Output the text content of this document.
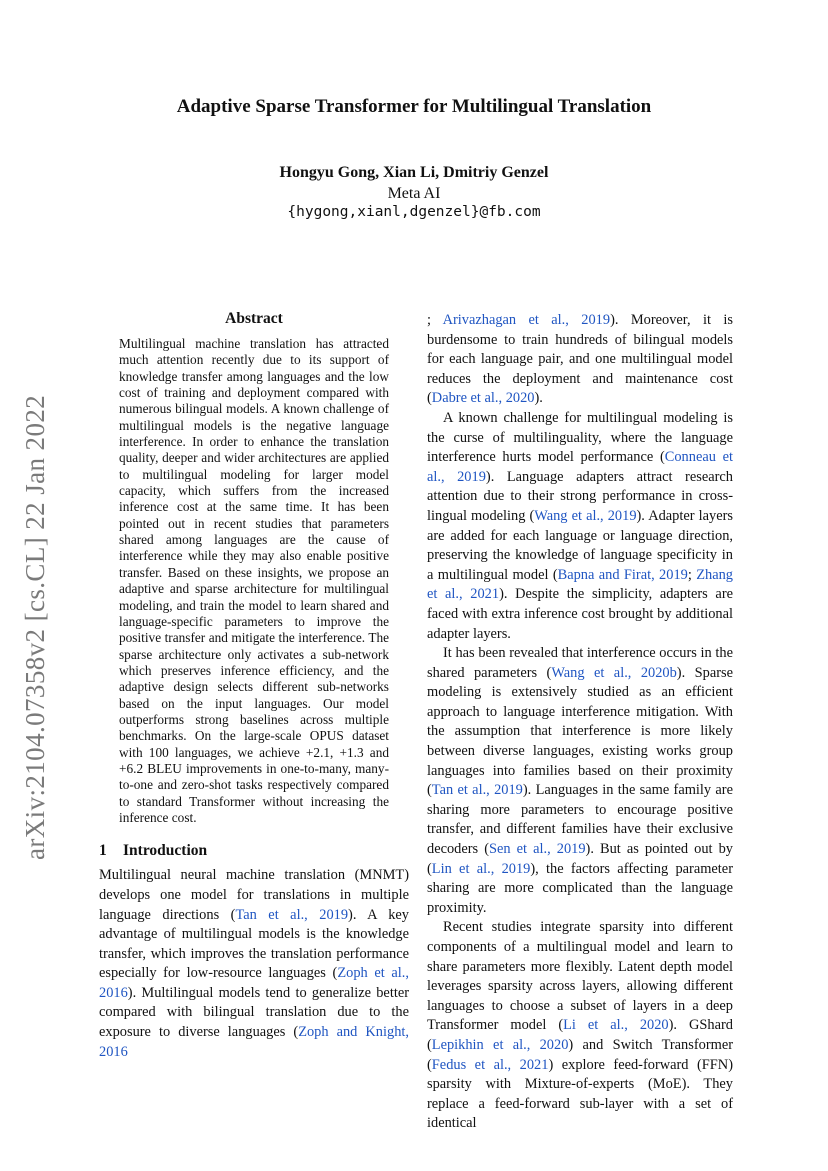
arXiv:2104.07358v2 [cs.CL] 22 Jan 2022
Adaptive Sparse Transformer for Multilingual Translation
Hongyu Gong, Xian Li, Dmitriy Genzel
Meta AI
{hygong,xianl,dgenzel}@fb.com
Abstract

Multilingual machine translation has attracted much attention recently due to its support of knowledge transfer among languages and the low cost of training and deployment compared with numerous bilingual models. A known challenge of multilingual models is the negative language interference. In order to enhance the translation quality, deeper and wider architectures are applied to multilingual modeling for larger model capacity, which suffers from the increased inference cost at the same time. It has been pointed out in recent studies that parameters shared among languages are the cause of interference while they may also enable positive transfer. Based on these insights, we propose an adaptive and sparse architecture for multilingual modeling, and train the model to learn shared and language-specific parameters to improve the positive transfer and mitigate the interference. The sparse architecture only activates a sub-network which preserves inference efficiency, and the adaptive design selects different sub-networks based on the input languages. Our model outperforms strong baselines across multiple benchmarks. On the large-scale OPUS dataset with 100 languages, we achieve +2.1, +1.3 and +6.2 BLEU improvements in one-to-many, many-to-one and zero-shot tasks respectively compared to standard Transformer without increasing the inference cost.

1 Introduction

Multilingual neural machine translation (MNMT) develops one model for translations in multiple language directions (Tan et al., 2019). A key advantage of multilingual models is the knowledge transfer, which improves the translation performance especially for low-resource languages (Zoph et al., 2016). Multilingual models tend to generalize better compared with bilingual translation due to the exposure to diverse languages (Zoph and Knight, 2016

; Arivazhagan et al., 2019). Moreover, it is burdensome to train hundreds of bilingual models for each language pair, and one multilingual model reduces the deployment and maintenance cost (Dabre et al., 2020).

A known challenge for multilingual modeling is the curse of multilinguality, where the language interference hurts model performance (Conneau et al., 2019). Language adapters attract research attention due to their strong performance in cross-lingual modeling (Wang et al., 2019). Adapter layers are added for each language or language direction, preserving the knowledge of language specificity in a multilingual model (Bapna and Firat, 2019; Zhang et al., 2021). Despite the simplicity, adapters are faced with extra inference cost brought by additional adapter layers.

It has been revealed that interference occurs in the shared parameters (Wang et al., 2020b). Sparse modeling is extensively studied as an efficient approach to language interference mitigation. With the assumption that interference is more likely between diverse languages, existing works group languages into families based on their proximity (Tan et al., 2019). Languages in the same family are sharing more parameters to encourage positive transfer, and different families have their exclusive decoders (Sen et al., 2019). But as pointed out by (Lin et al., 2019), the factors affecting parameter sharing are more complicated than the language proximity.

Recent studies integrate sparsity into different components of a multilingual model and learn to share parameters more flexibly. Latent depth model leverages sparsity across layers, allowing different languages to choose a subset of layers in a deep Transformer model (Li et al., 2020). GShard (Lepikhin et al., 2020) and Switch Transformer (Fedus et al., 2021) explore feed-forward (FFN) sparsity with Mixture-of-experts (MoE). They replace a feed-forward sub-layer with a set of identical
